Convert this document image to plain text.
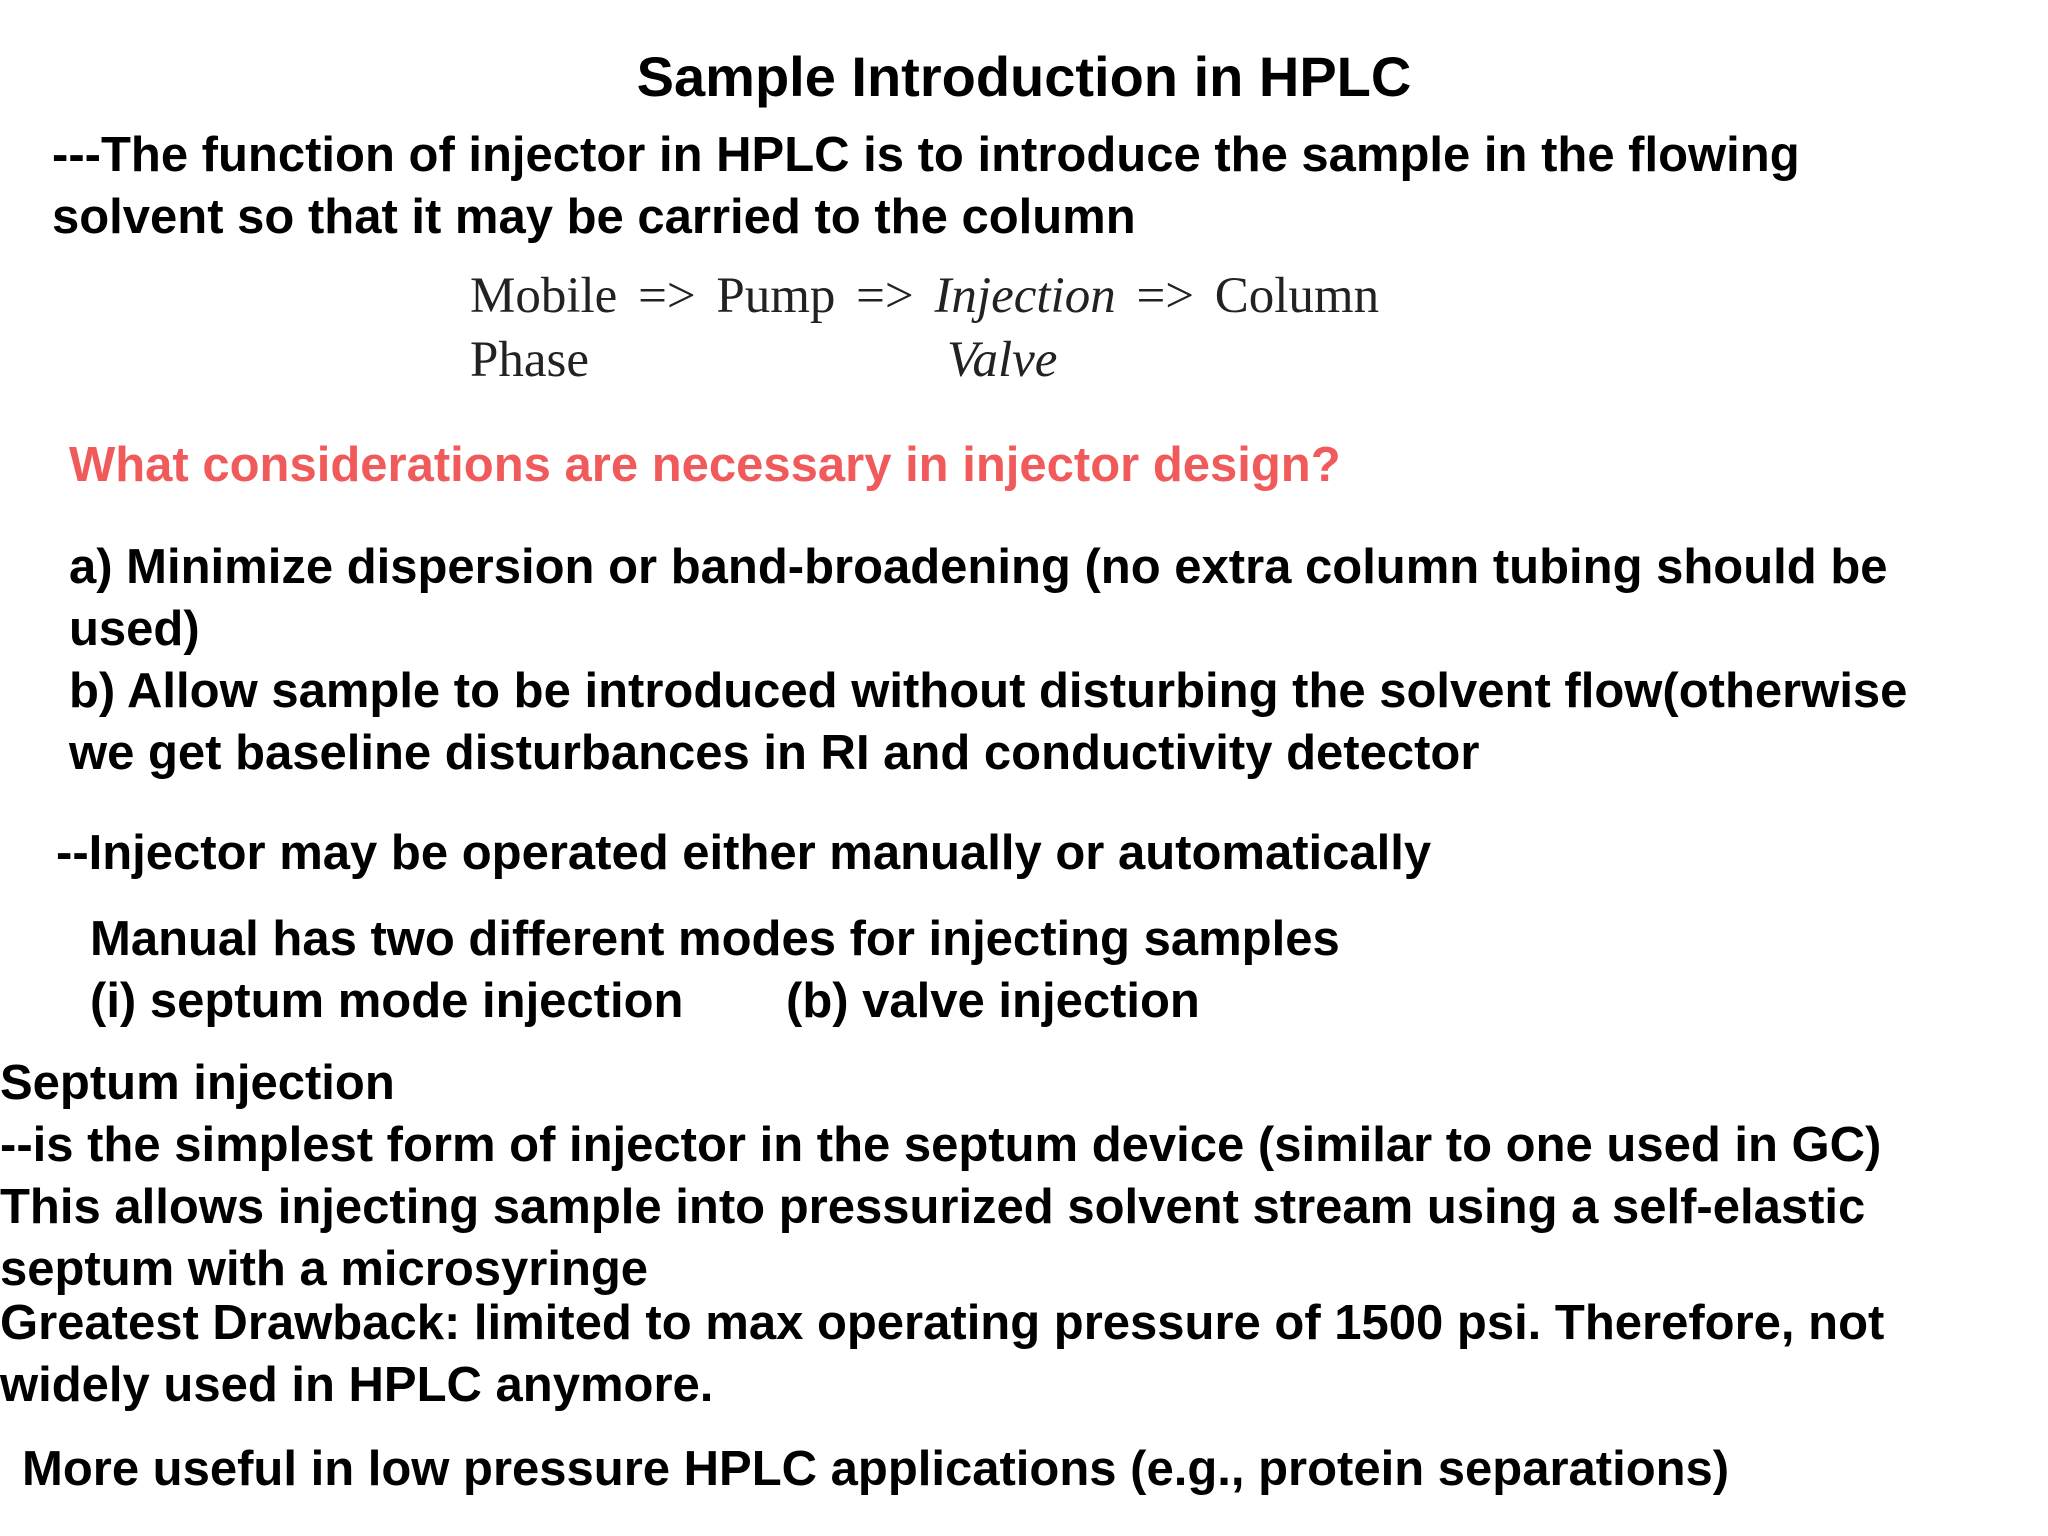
Sample Introduction in HPLC
---The function of injector in HPLC is to introduce the sample in the flowing
solvent so that it may be carried to the column
Mobile => Pump => Injection => Column
Phase	Valve
What considerations are necessary in injector design?
a) Minimize dispersion or band-broadening (no extra column tubing should be
used)
b) Allow sample to be introduced without disturbing the solvent flow(otherwise
we get baseline disturbances in RI and conductivity detector
--Injector may be operated either manually or automatically
Manual has two different modes for injecting samples
(i) septum mode injection (b) valve injection
Septum injection
--is the simplest form of injector in the septum device (similar to one used in GC)
This allows injecting sample into pressurized solvent stream using a self-elastic
septum with a microsyringe
Greatest Drawback: limited to max operating pressure of 1500 psi. Therefore, not
widely used in HPLC anymore.
More useful in low pressure HPLC applications (e.g., protein separations)
